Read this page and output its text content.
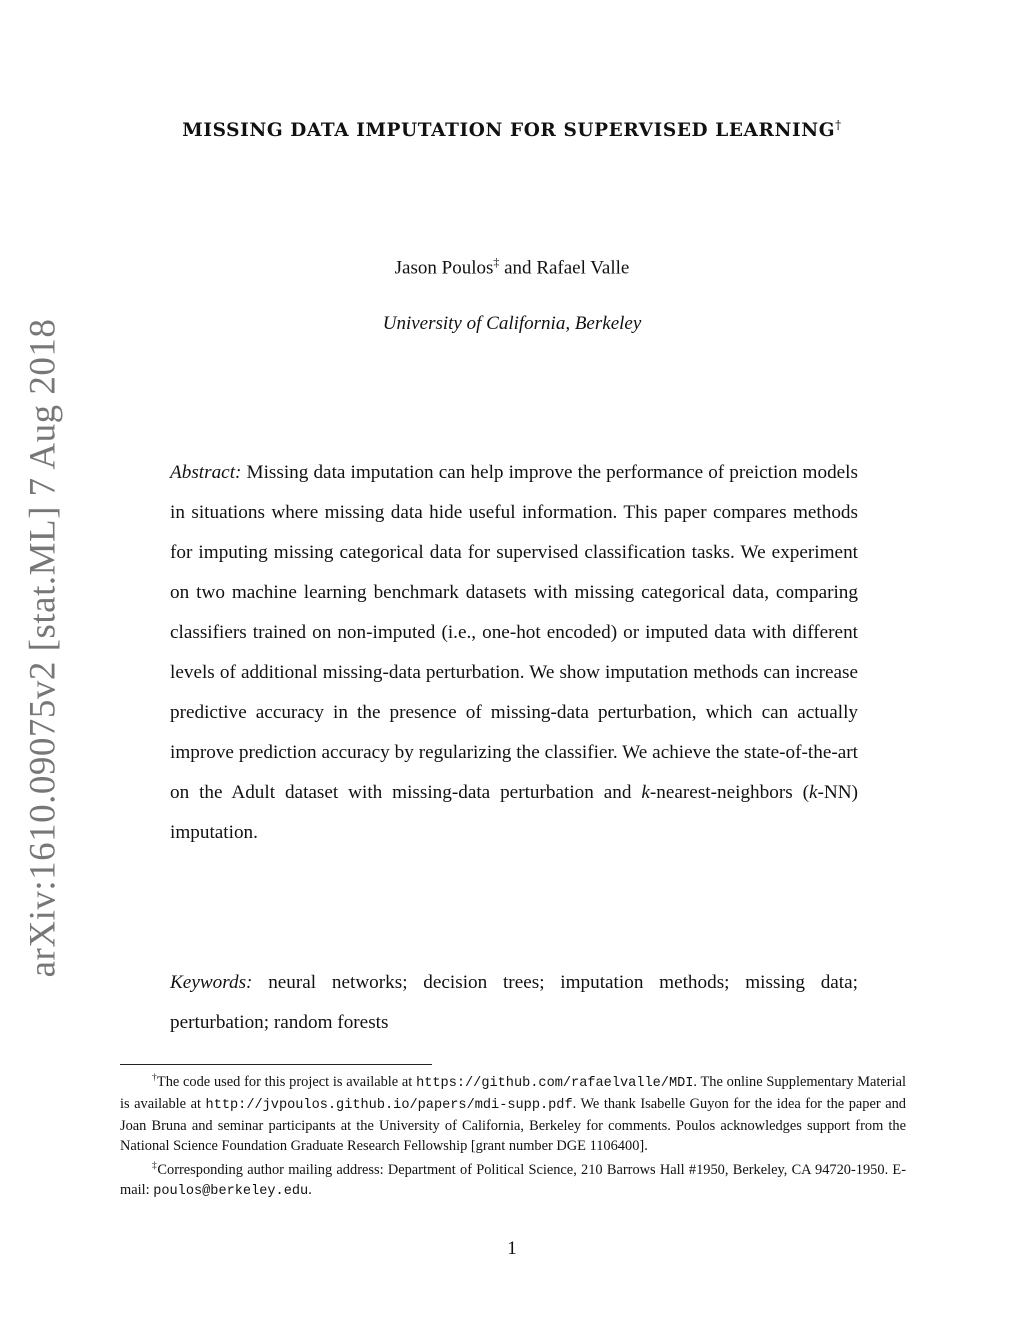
arXiv:1610.09075v2 [stat.ML] 7 Aug 2018
MISSING DATA IMPUTATION FOR SUPERVISED LEARNING†
Jason Poulos‡ and Rafael Valle
University of California, Berkeley

Abstract: Missing data imputation can help improve the performance of preiction models in situations where missing data hide useful information. This paper compares methods for imputing missing categorical data for supervised classification tasks. We experiment on two machine learning benchmark datasets with missing categorical data, comparing classifiers trained on non-imputed (i.e., one-hot encoded) or imputed data with different levels of additional missing-data perturbation. We show imputation methods can increase predictive accuracy in the presence of missing-data perturbation, which can actually improve prediction accuracy by regularizing the classifier. We achieve the state-of-the-art on the Adult dataset with missing-data perturbation and k-nearest-neighbors (k-NN) imputation.

Keywords: neural networks; decision trees; imputation methods; missing data; perturbation; random forests

†The code used for this project is available at https://github.com/rafaelvalle/MDI. The online Supplementary Material is available at http://jvpoulos.github.io/papers/mdi-supp.pdf. We thank Isabelle Guyon for the idea for the paper and Joan Bruna and seminar participants at the University of California, Berkeley for comments. Poulos acknowledges support from the National Science Foundation Graduate Research Fellowship [grant number DGE 1106400].

‡Corresponding author mailing address: Department of Political Science, 210 Barrows Hall #1950, Berkeley, CA 94720-1950. E-mail: poulos@berkeley.edu.

1
